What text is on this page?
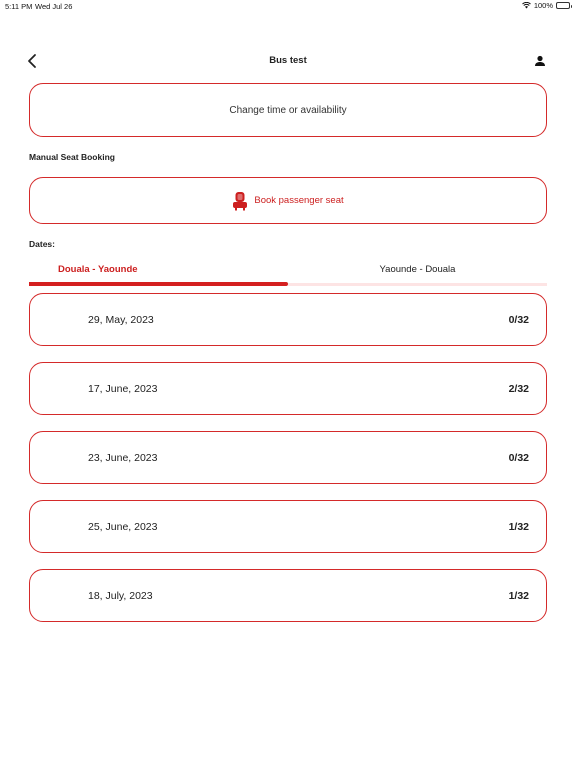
5:11 PM Wed Jul 26	100%
Bus test
Change time or availability
Manual Seat Booking
Book passenger seat
Dates:
Douala - Yaounde	Yaounde - Douala
29, May, 2023	0/32
17, June, 2023	2/32
23, June, 2023	0/32
25, June, 2023	1/32
18, July, 2023	1/32
